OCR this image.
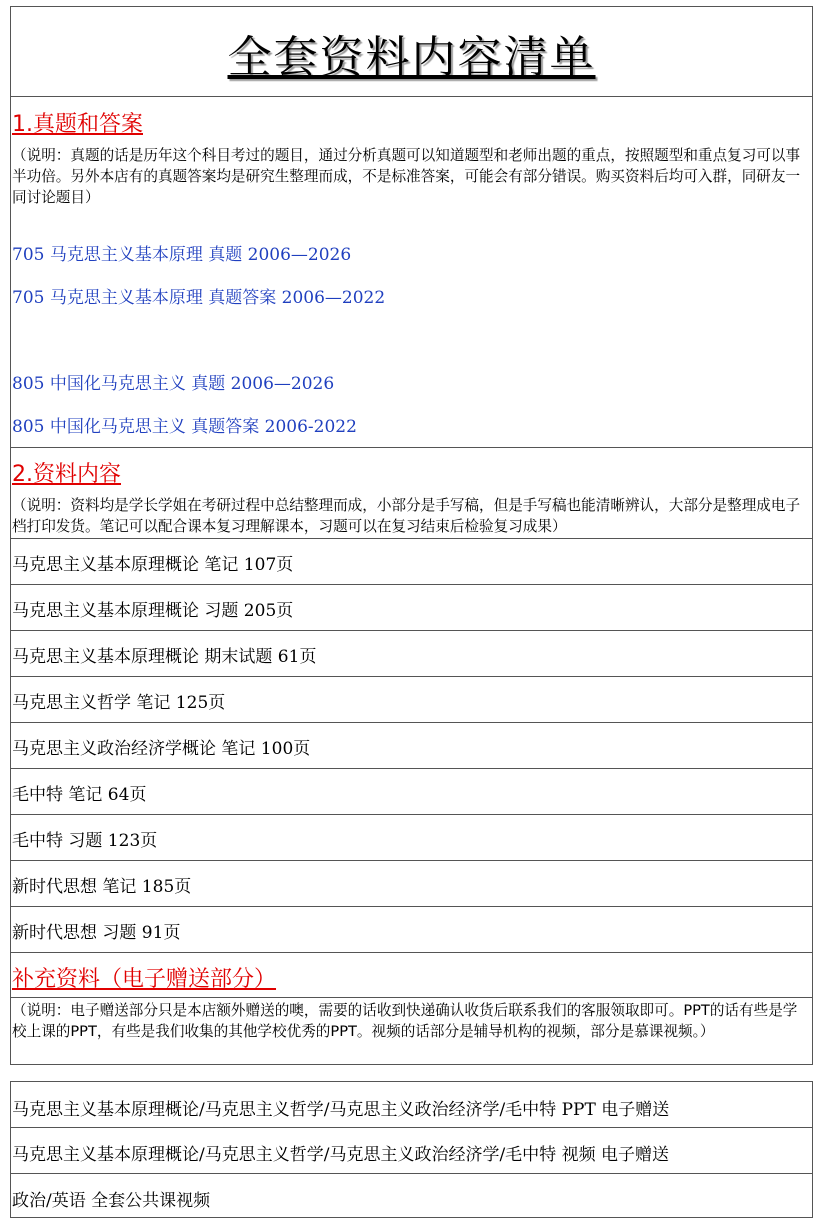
全套资料内容清单
1.真题和答案
（说明：真题的话是历年这个科目考过的题目，通过分析真题可以知道题型和老师出题的重点，按照题型和重点复习可以事半功倍。另外本店有的真题答案均是研究生整理而成，不是标准答案，可能会有部分错误。购买资料后均可入群，同研友一同讨论题目）
705 马克思主义基本原理 真题 2006—2026
705 马克思主义基本原理 真题答案 2006—2022
805 中国化马克思主义 真题 2006—2026
805 中国化马克思主义 真题答案 2006-2022
2.资料内容
（说明：资料均是学长学姐在考研过程中总结整理而成，小部分是手写稿，但是手写稿也能清晰辨认，大部分是整理成电子档打印发货。笔记可以配合课本复习理解课本，习题可以在复习结束后检验复习成果）
马克思主义基本原理概论 笔记 107页
马克思主义基本原理概论 习题 205页
马克思主义基本原理概论 期末试题 61页
马克思主义哲学 笔记 125页
马克思主义政治经济学概论 笔记 100页
毛中特 笔记 64页
毛中特 习题 123页
新时代思想 笔记 185页
新时代思想 习题 91页
补充资料（电子赠送部分）
（说明：电子赠送部分只是本店额外赠送的噢，需要的话收到快递确认收货后联系我们的客服领取即可。PPT的话有些是学校上课的PPT，有些是我们收集的其他学校优秀的PPT。视频的话部分是辅导机构的视频，部分是慕课视频。）
马克思主义基本原理概论/马克思主义哲学/马克思主义政治经济学/毛中特 PPT 电子赠送
马克思主义基本原理概论/马克思主义哲学/马克思主义政治经济学/毛中特 视频 电子赠送
政治/英语 全套公共课视频
